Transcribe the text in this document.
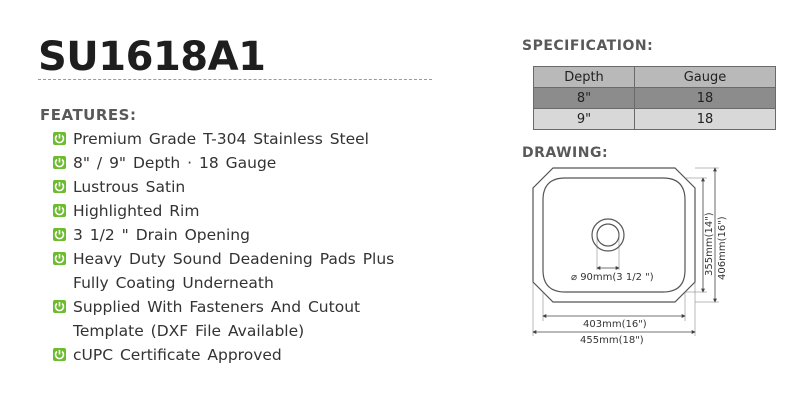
SU1618A1
FEATURES:
Premium Grade T-304 Stainless Steel
8" / 9" Depth · 18 Gauge
Lustrous Satin
Highlighted Rim
3 1/2 " Drain Opening
Heavy Duty Sound Deadening Pads Plus Fully Coating Underneath
Supplied With Fasteners And Cutout Template (DXF File Available)
cUPC Certificate Approved
SPECIFICATION:
Depth	Gauge
8"	18
9"	18
DRAWING:
⌀ 90mm(3 1/2 ")
403mm(16")
455mm(18")
355mm(14") 406mm(16")
